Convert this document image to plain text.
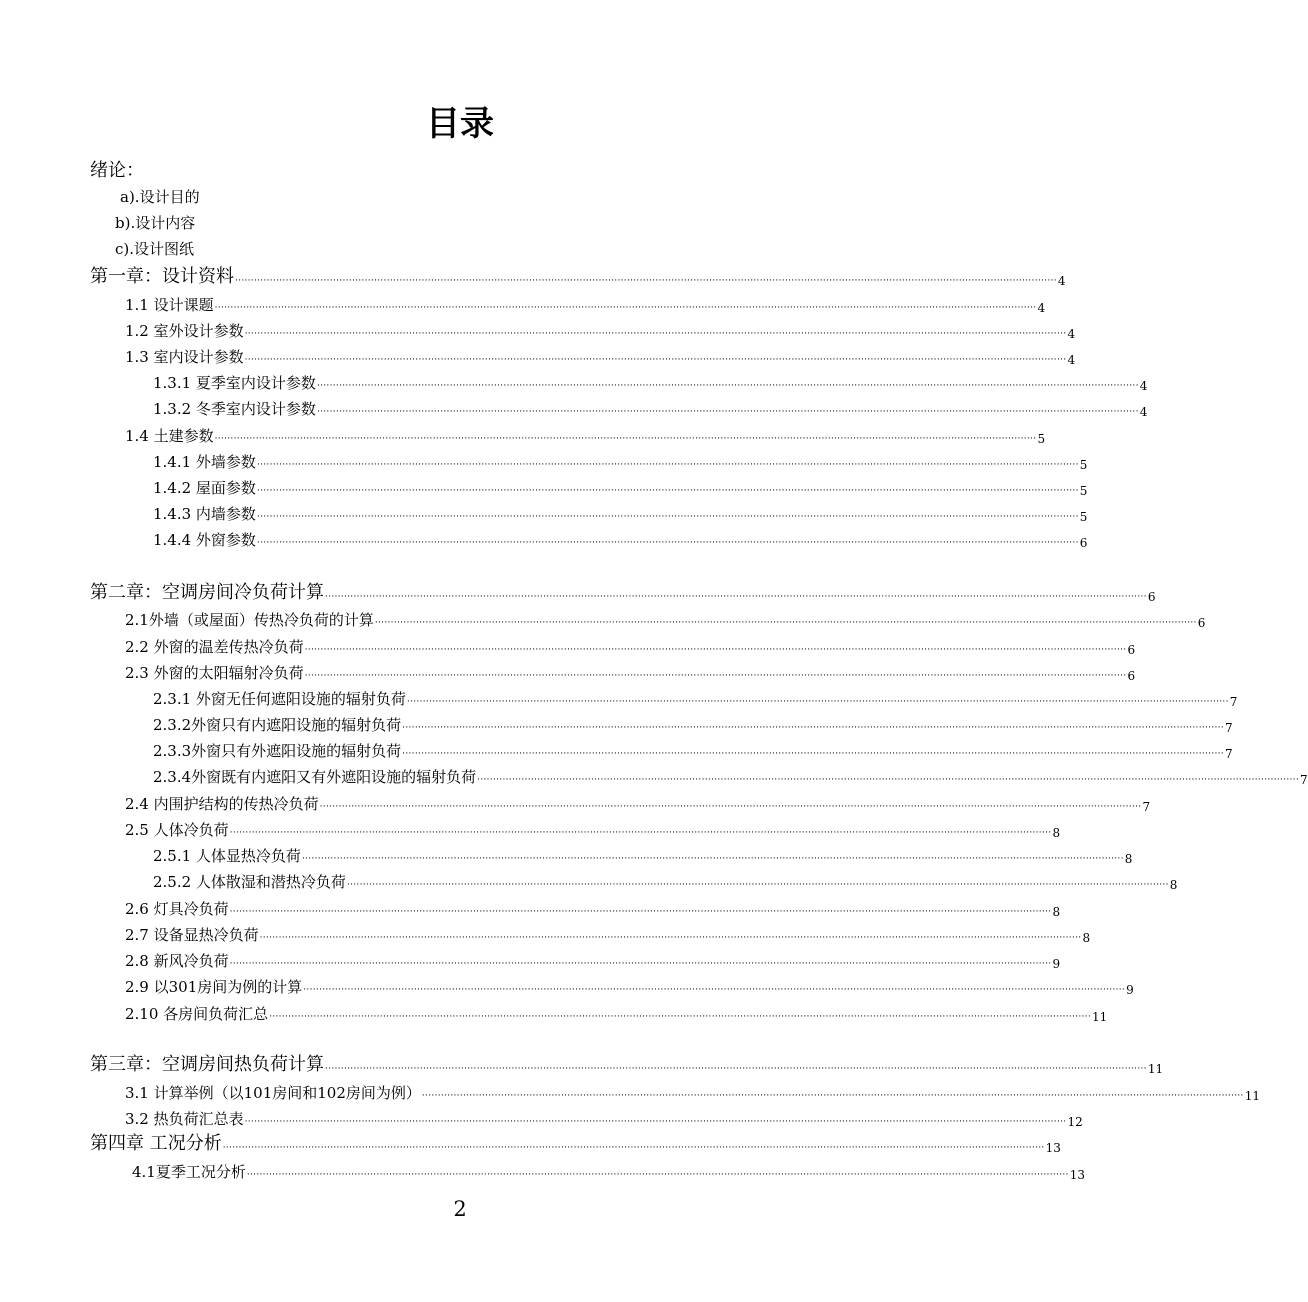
目录
绪论：
a).设计目的
b).设计内容
c).设计图纸
第一章：设计资料 ···································································································································································································································································· 4
1.1 设计课题 ···································································································································································································································································· 4
1.2 室外设计参数 ···································································································································································································································································· 4
1.3 室内设计参数 ···································································································································································································································································· 4
1.3.1 夏季室内设计参数 ···································································································································································································································································· 4
1.3.2 冬季室内设计参数 ···································································································································································································································································· 4
1.4 土建参数 ···································································································································································································································································· 5
1.4.1 外墙参数 ···································································································································································································································································· 5
1.4.2 屋面参数 ···································································································································································································································································· 5
1.4.3 内墙参数 ···································································································································································································································································· 5
1.4.4 外窗参数 ···································································································································································································································································· 6
第二章：空调房间冷负荷计算 ···································································································································································································································································· 6
2.1外墙（或屋面）传热冷负荷的计算 ···································································································································································································································································· 6
2.2 外窗的温差传热冷负荷 ···································································································································································································································································· 6
2.3 外窗的太阳辐射冷负荷 ···································································································································································································································································· 6
2.3.1 外窗无任何遮阳设施的辐射负荷 ···································································································································································································································································· 7
2.3.2外窗只有内遮阳设施的辐射负荷 ···································································································································································································································································· 7
2.3.3外窗只有外遮阳设施的辐射负荷 ···································································································································································································································································· 7
2.3.4外窗既有内遮阳又有外遮阳设施的辐射负荷 ···································································································································································································································································· 7
2.4 内围护结构的传热冷负荷 ···································································································································································································································································· 7
2.5 人体冷负荷 ···································································································································································································································································· 8
2.5.1 人体显热冷负荷 ···································································································································································································································································· 8
2.5.2 人体散湿和潜热冷负荷 ···································································································································································································································································· 8
2.6 灯具冷负荷 ···································································································································································································································································· 8
2.7 设备显热冷负荷 ···································································································································································································································································· 8
2.8 新风冷负荷 ···································································································································································································································································· 9
2.9 以301房间为例的计算 ···································································································································································································································································· 9
2.10 各房间负荷汇总 ···································································································································································································································································· 11
第三章：空调房间热负荷计算 ···································································································································································································································································· 11
3.1 计算举例（以101房间和102房间为例） ···································································································································································································································································· 11
3.2 热负荷汇总表 ···································································································································································································································································· 12
第四章 工况分析 ···································································································································································································································································· 13
4.1夏季工况分析 ···································································································································································································································································· 13
2
